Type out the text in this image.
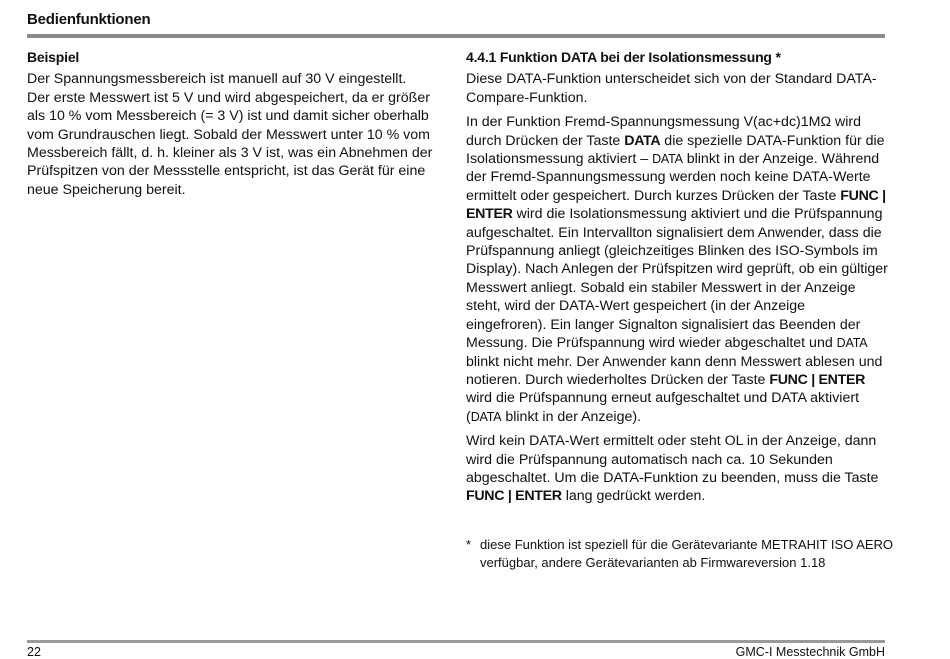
Bedienfunktionen
Beispiel
Der Spannungsmessbereich ist manuell auf 30 V eingestellt.
Der erste Messwert ist 5 V und wird abgespeichert, da er größer als 10 % vom Messbereich (= 3 V) ist und damit sicher oberhalb vom Grundrauschen liegt. Sobald der Messwert unter 10 % vom Messbereich fällt, d. h. kleiner als 3 V ist, was ein Abnehmen der Prüfspitzen von der Messstelle entspricht, ist das Gerät für eine neue Speicherung bereit.
4.4.1 Funktion DATA bei der Isolationsmessung *

Diese DATA-Funktion unterscheidet sich von der Standard DATA-Compare-Funktion.

In der Funktion Fremd-Spannungsmessung V(ac+dc)1MΩ wird durch Drücken der Taste DATA die spezielle DATA-Funktion für die Isolationsmessung aktiviert – DATA blinkt in der Anzeige. Während der Fremd-Spannungsmessung werden noch keine DATA-Werte ermittelt oder gespeichert. Durch kurzes Drücken der Taste FUNC | ENTER wird die Isolationsmessung aktiviert und die Prüfspannung aufgeschaltet. Ein Intervallton signalisiert dem Anwender, dass die Prüfspannung anliegt (gleichzeitiges Blinken des ISO-Symbols im Display). Nach Anlegen der Prüfspitzen wird geprüft, ob ein gültiger Messwert anliegt. Sobald ein stabiler Messwert in der Anzeige steht, wird der DATA-Wert gespeichert (in der Anzeige eingefroren). Ein langer Signalton signalisiert das Beenden der Messung. Die Prüfspannung wird wieder abgeschaltet und DATA blinkt nicht mehr. Der Anwender kann denn Messwert ablesen und notieren. Durch wiederholtes Drücken der Taste FUNC | ENTER wird die Prüfspannung erneut aufgeschaltet und DATA aktiviert (DATA blinkt in der Anzeige).

Wird kein DATA-Wert ermittelt oder steht OL in der Anzeige, dann wird die Prüfspannung automatisch nach ca. 10 Sekunden abgeschaltet. Um die DATA-Funktion zu beenden, muss die Taste FUNC | ENTER lang gedrückt werden.

* diese Funktion ist speziell für die Gerätevariante METRAHIT ISO AERO verfügbar, andere Gerätevarianten ab Firmwareversion 1.18
22	GMC-I Messtechnik GmbH
